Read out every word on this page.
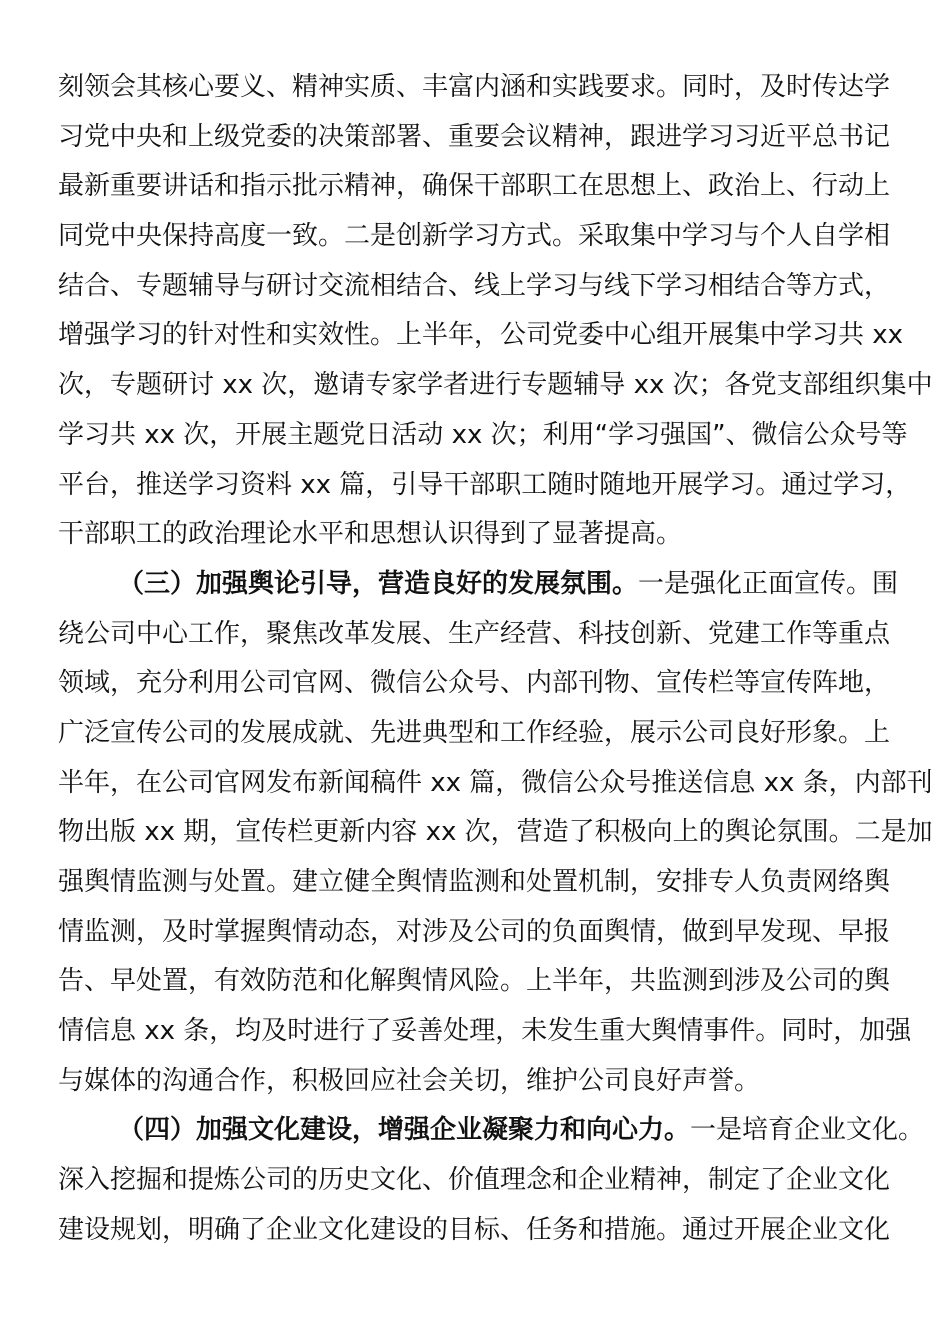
刻领会其核心要义、精神实质、丰富内涵和实践要求。同时，及时传达学
习党中央和上级党委的决策部署、重要会议精神，跟进学习习近平总书记
最新重要讲话和指示批示精神，确保干部职工在思想上、政治上、行动上
同党中央保持高度一致。二是创新学习方式。采取集中学习与个人自学相
结合、专题辅导与研讨交流相结合、线上学习与线下学习相结合等方式，
增强学习的针对性和实效性。上半年，公司党委中心组开展集中学习共 xx
次，专题研讨 xx 次，邀请专家学者进行专题辅导 xx 次；各党支部组织集中
学习共 xx 次，开展主题党日活动 xx 次；利用“学习强国”、微信公众号等
平台，推送学习资料 xx 篇，引导干部职工随时随地开展学习。通过学习，
干部职工的政治理论水平和思想认识得到了显著提高。
（三）加强舆论引导，营造良好的发展氛围。一是强化正面宣传。围
绕公司中心工作，聚焦改革发展、生产经营、科技创新、党建工作等重点
领域，充分利用公司官网、微信公众号、内部刊物、宣传栏等宣传阵地，
广泛宣传公司的发展成就、先进典型和工作经验，展示公司良好形象。上
半年，在公司官网发布新闻稿件 xx 篇，微信公众号推送信息 xx 条，内部刊
物出版 xx 期，宣传栏更新内容 xx 次，营造了积极向上的舆论氛围。二是加
强舆情监测与处置。建立健全舆情监测和处置机制，安排专人负责网络舆
情监测，及时掌握舆情动态，对涉及公司的负面舆情，做到早发现、早报
告、早处置，有效防范和化解舆情风险。上半年，共监测到涉及公司的舆
情信息 xx 条，均及时进行了妥善处理，未发生重大舆情事件。同时，加强
与媒体的沟通合作，积极回应社会关切，维护公司良好声誉。
（四）加强文化建设，增强企业凝聚力和向心力。一是培育企业文化。
深入挖掘和提炼公司的历史文化、价值理念和企业精神，制定了企业文化
建设规划，明确了企业文化建设的目标、任务和措施。通过开展企业文化
